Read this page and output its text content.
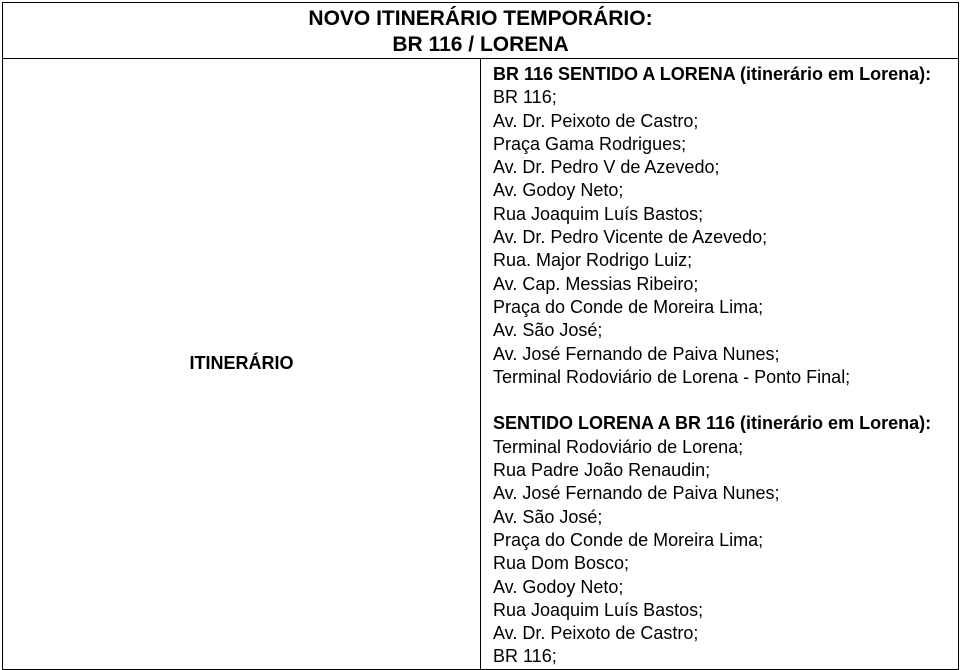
NOVO ITINERÁRIO TEMPORÁRIO:
BR 116 / LORENA

ITINERÁRIO	
BR 116 SENTIDO A LORENA (itinerário em Lorena):
BR 116;
Av. Dr. Peixoto de Castro;
Praça Gama Rodrigues;
Av. Dr. Pedro V de Azevedo;
Av. Godoy Neto;
Rua Joaquim Luís Bastos;
Av. Dr. Pedro Vicente de Azevedo;
Rua. Major Rodrigo Luiz;
Av. Cap. Messias Ribeiro;
Praça do Conde de Moreira Lima;
Av. São José;
Av. José Fernando de Paiva Nunes;
Terminal Rodoviário de Lorena - Ponto Final;
SENTIDO LORENA A BR 116 (itinerário em Lorena):
Terminal Rodoviário de Lorena;
Rua Padre João Renaudin;
Av. José Fernando de Paiva Nunes;
Av. São José;
Praça do Conde de Moreira Lima;
Rua Dom Bosco;
Av. Godoy Neto;
Rua Joaquim Luís Bastos;
Av. Dr. Peixoto de Castro;
BR 116;
